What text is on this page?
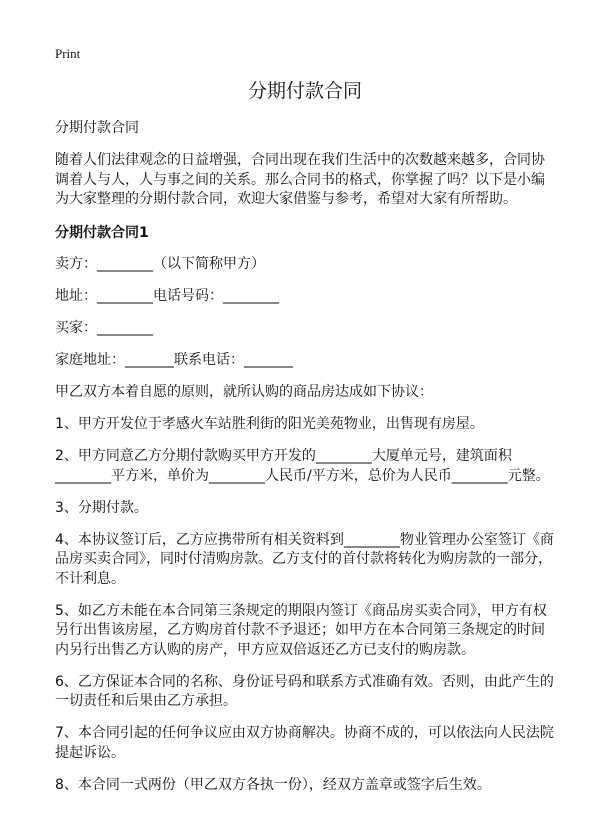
Print
分期付款合同

分期付款合同

随着人们法律观念的日益增强，合同出现在我们生活中的次数越来越多，合同协调着人与人，人与事之间的关系。那么合同书的格式，你掌握了吗？以下是小编为大家整理的分期付款合同，欢迎大家借鉴与参考，希望对大家有所帮助。

分期付款合同1

卖方：________（以下简称甲方）

地址：________电话号码：________

买家：________

家庭地址：_______联系电话：_______

甲乙双方本着自愿的原则，就所认购的商品房达成如下协议：

1、甲方开发位于孝感火车站胜利街的阳光美苑物业，出售现有房屋。

2、甲方同意乙方分期付款购买甲方开发的________大厦单元号，建筑面积________平方米，单价为________人民币/平方米，总价为人民币________元整。

3、分期付款。

4、本协议签订后，乙方应携带所有相关资料到________物业管理办公室签订《商品房买卖合同》，同时付清购房款。乙方支付的首付款将转化为购房款的一部分，不计利息。

5、如乙方未能在本合同第三条规定的期限内签订《商品房买卖合同》，甲方有权另行出售该房屋，乙方购房首付款不予退还；如甲方在本合同第三条规定的时间内另行出售乙方认购的房产，甲方应双倍返还乙方已支付的购房款。

6、乙方保证本合同的名称、身份证号码和联系方式准确有效。否则，由此产生的一切责任和后果由乙方承担。

7、本合同引起的任何争议应由双方协商解决。协商不成的，可以依法向人民法院提起诉讼。

8、本合同一式两份（甲乙双方各执一份），经双方盖章或签字后生效。
